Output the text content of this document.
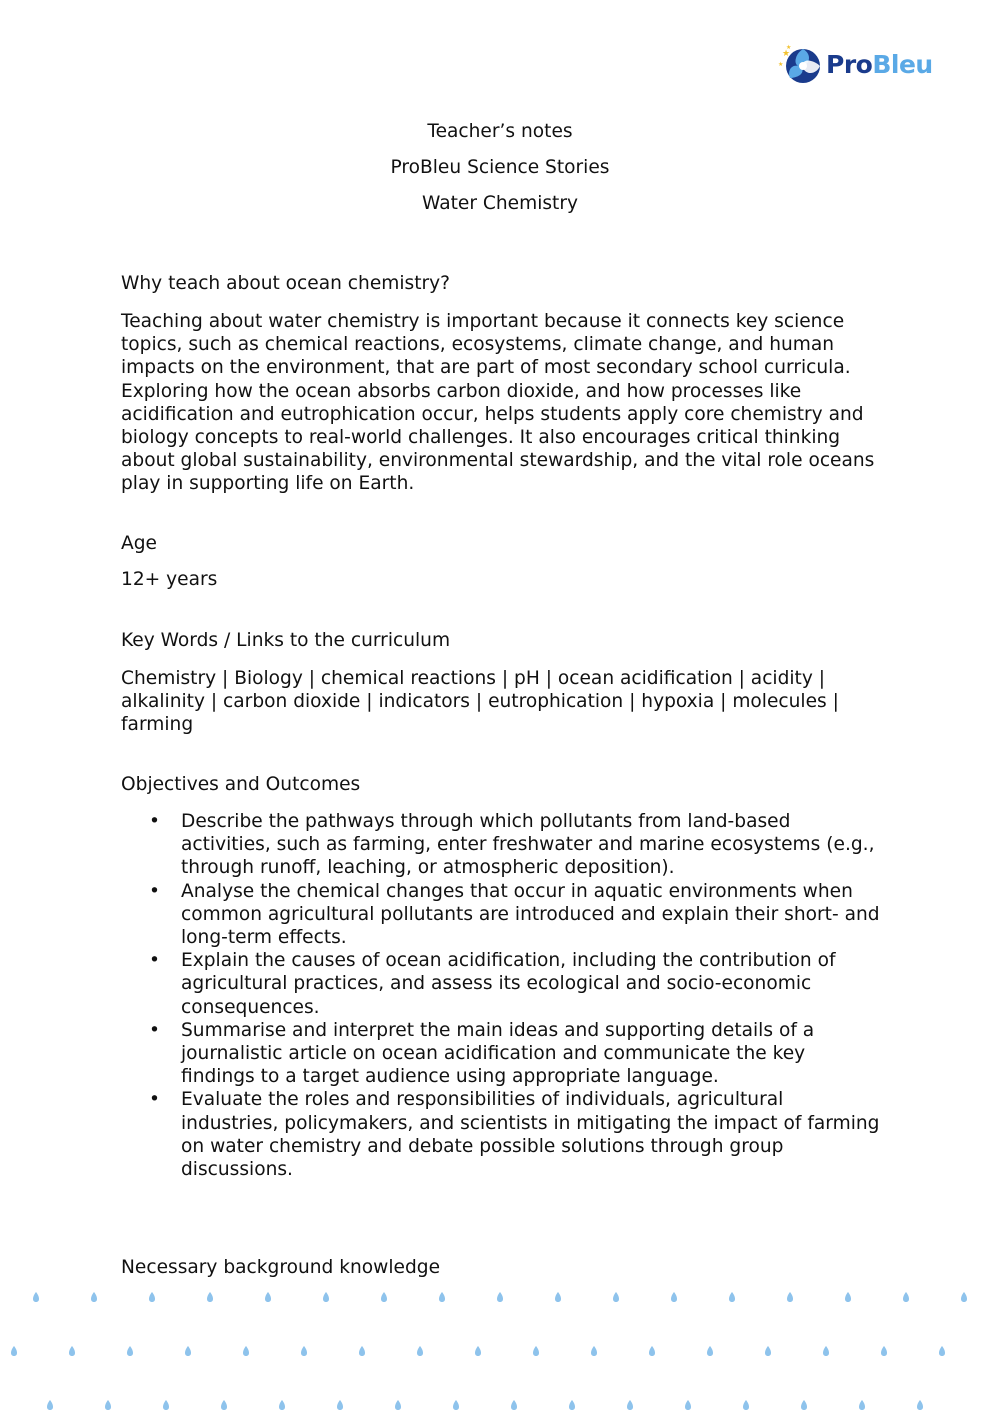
★
★
★
ProBleu
Teacher’s notes
ProBleu Science Stories
Water Chemistry
Why teach about ocean chemistry?
Teaching about water chemistry is important because it connects key science topics, such as chemical reactions, ecosystems, climate change, and human impacts on the environment, that are part of most secondary school curricula. Exploring how the ocean absorbs carbon dioxide, and how processes like acidification and eutrophication occur, helps students apply core chemistry and biology concepts to real-world challenges. It also encourages critical thinking about global sustainability, environmental stewardship, and the vital role oceans play in supporting life on Earth.
Age
12+ years
Key Words / Links to the curriculum
Chemistry | Biology | chemical reactions | pH | ocean acidification | acidity | alkalinity | carbon dioxide | indicators | eutrophication | hypoxia | molecules | farming
Objectives and Outcomes
• Describe the pathways through which pollutants from land-based activities, such as farming, enter freshwater and marine ecosystems (e.g., through runoff, leaching, or atmospheric deposition).
• Analyse the chemical changes that occur in aquatic environments when common agricultural pollutants are introduced and explain their short- and long-term effects.
• Explain the causes of ocean acidification, including the contribution of agricultural practices, and assess its ecological and socio-economic consequences.
• Summarise and interpret the main ideas and supporting details of a journalistic article on ocean acidification and communicate the key findings to a target audience using appropriate language.
• Evaluate the roles and responsibilities of individuals, agricultural industries, policymakers, and scientists in mitigating the impact of farming on water chemistry and debate possible solutions through group discussions.
Necessary background knowledge
